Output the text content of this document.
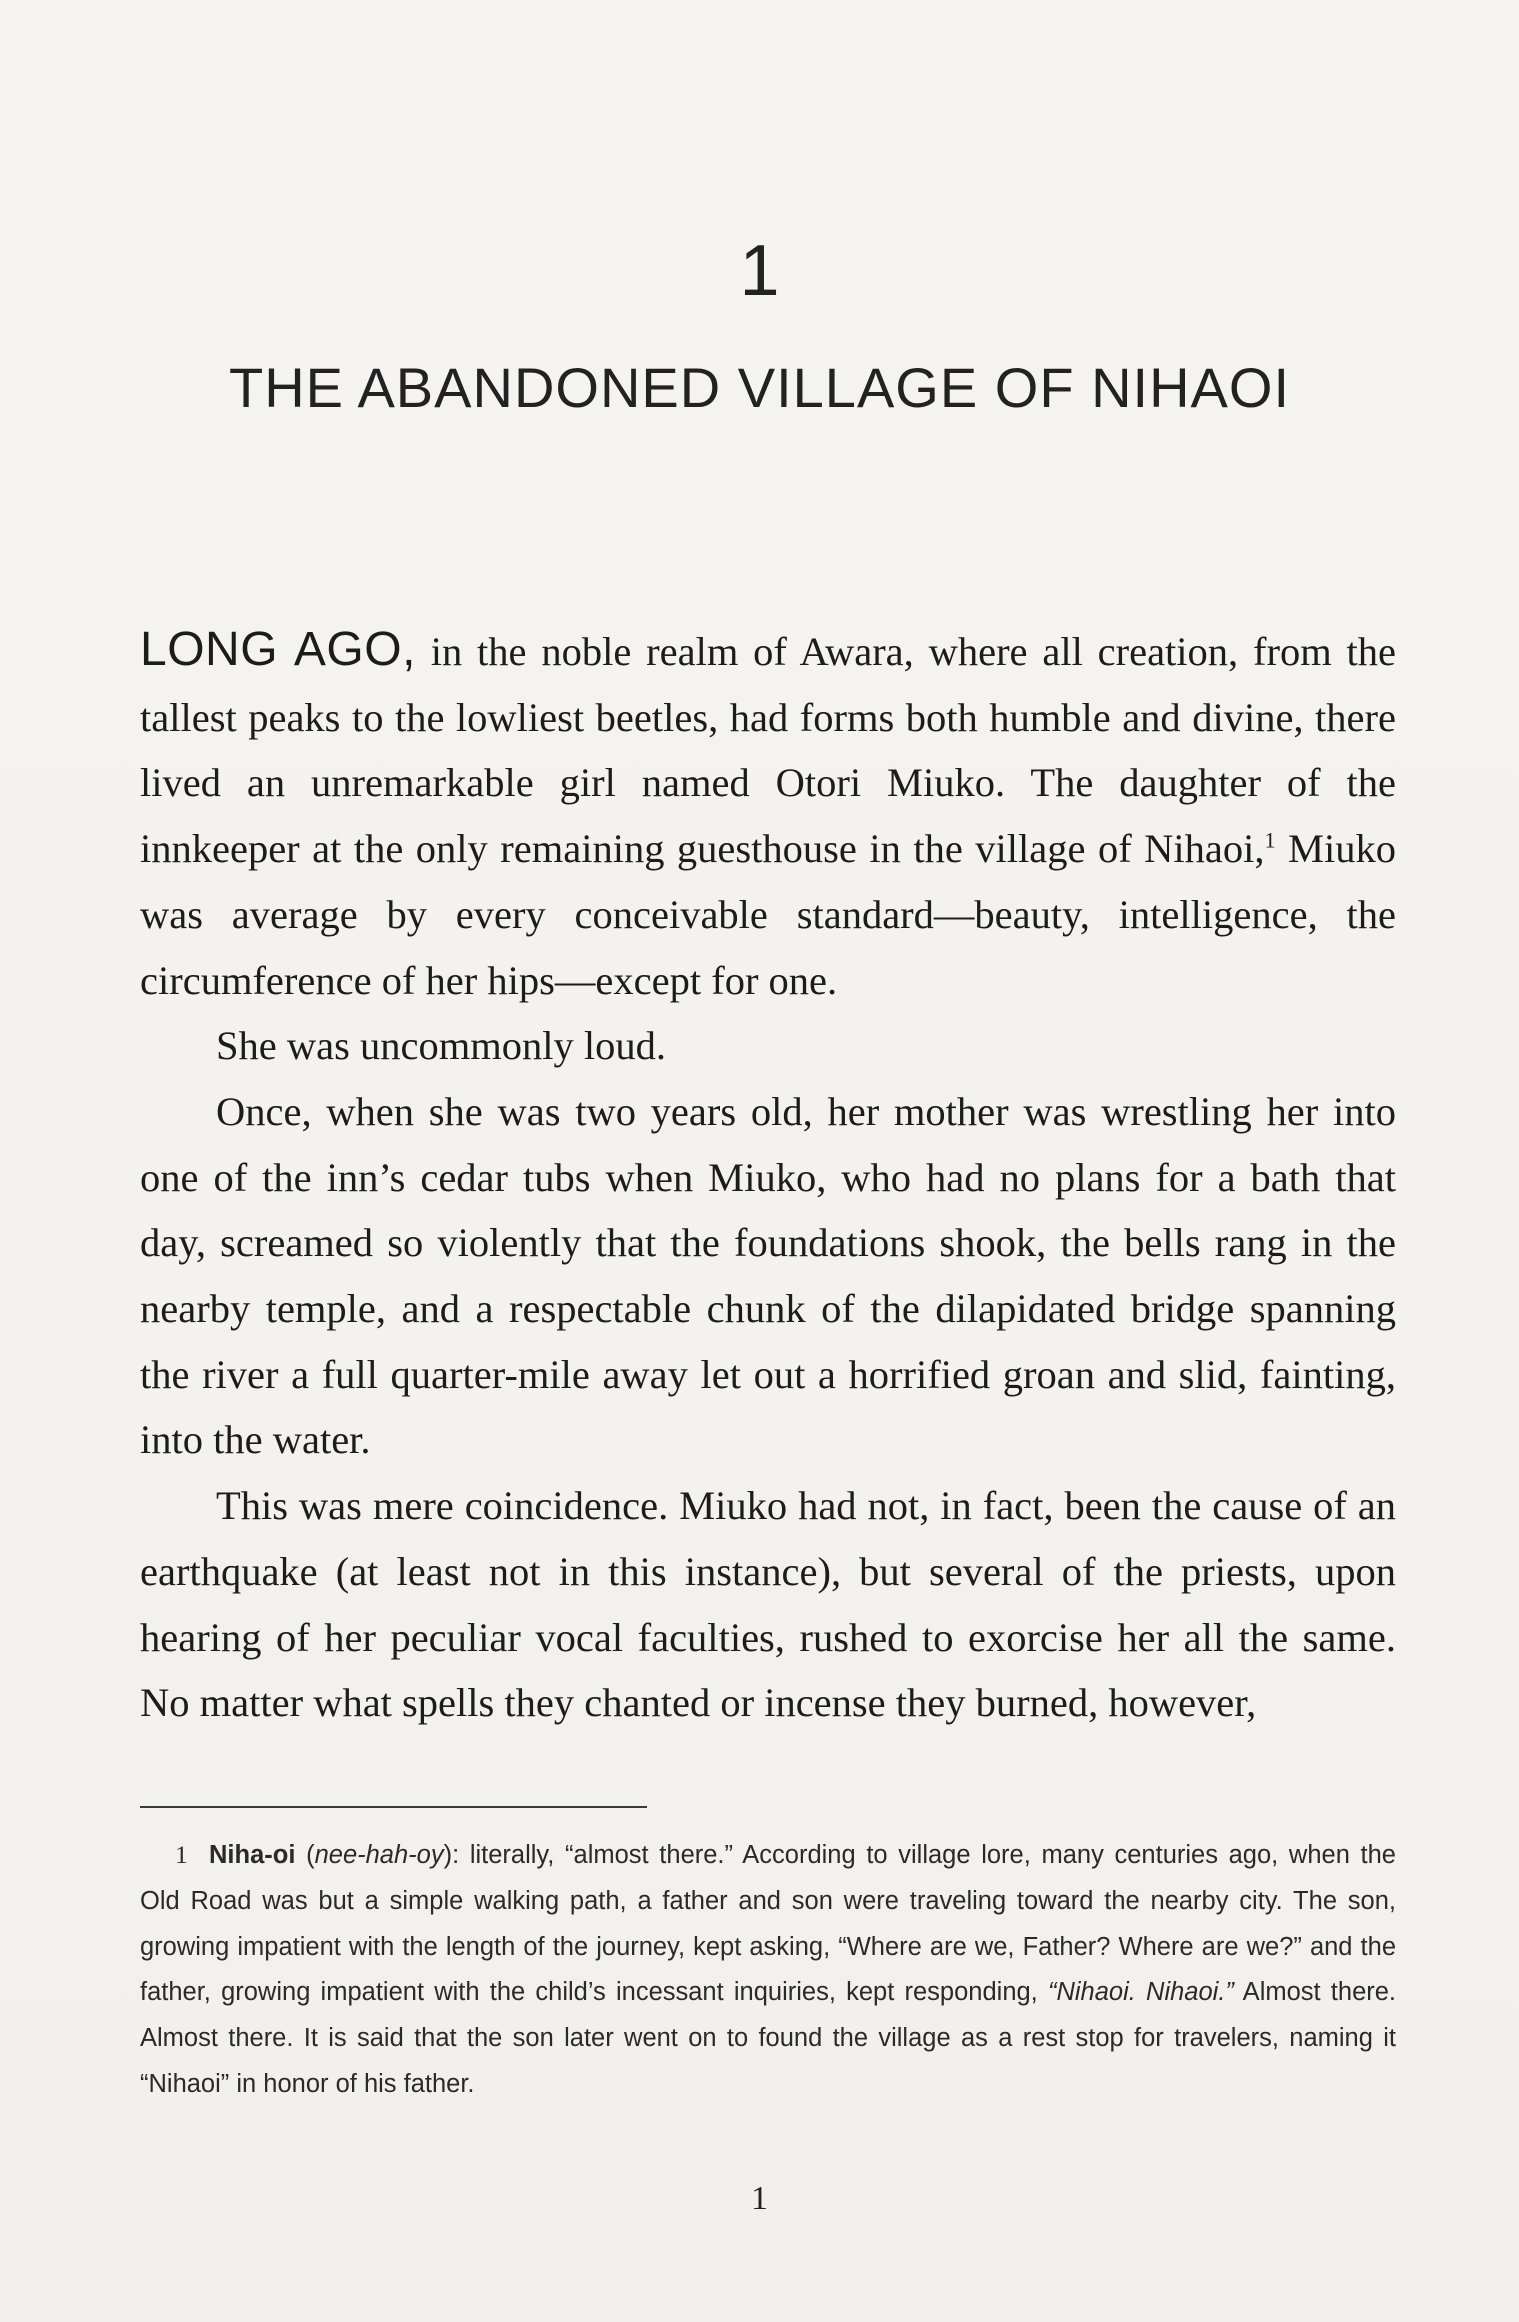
1
THE ABANDONED VILLAGE OF NIHAOI

LONG AGO, in the noble realm of Awara, where all creation, from the tallest peaks to the lowliest beetles, had forms both humble and divine, there lived an unremarkable girl named Otori Miuko. The daughter of the innkeeper at the only remaining guesthouse in the village of Nihaoi,$^1$ Miuko was average by every conceivable standard—beauty, intelligence, the circumference of her hips—except for one.

She was uncommonly loud.

Once, when she was two years old, her mother was wrestling her into one of the inn’s cedar tubs when Miuko, who had no plans for a bath that day, screamed so violently that the foundations shook, the bells rang in the nearby temple, and a respectable chunk of the dilapidated bridge spanning the river a full quarter-mile away let out a horrified groan and slid, fainting, into the water.

This was mere coincidence. Miuko had not, in fact, been the cause of an earthquake (at least not in this instance), but several of the priests, upon hearing of her peculiar vocal faculties, rushed to exorcise her all the same. No matter what spells they chanted or incense they burned, however,

1 Niha-oi (nee-hah-oy): literally, “almost there.” According to village lore, many centuries ago, when the Old Road was but a simple walking path, a father and son were traveling toward the nearby city. The son, growing impatient with the length of the journey, kept asking, “Where are we, Father? Where are we?” and the father, growing impatient with the child’s incessant inquiries, kept responding, “Nihaoi. Nihaoi.” Almost there. Almost there. It is said that the son later went on to found the village as a rest stop for travelers, naming it “Nihaoi” in honor of his father.

1
